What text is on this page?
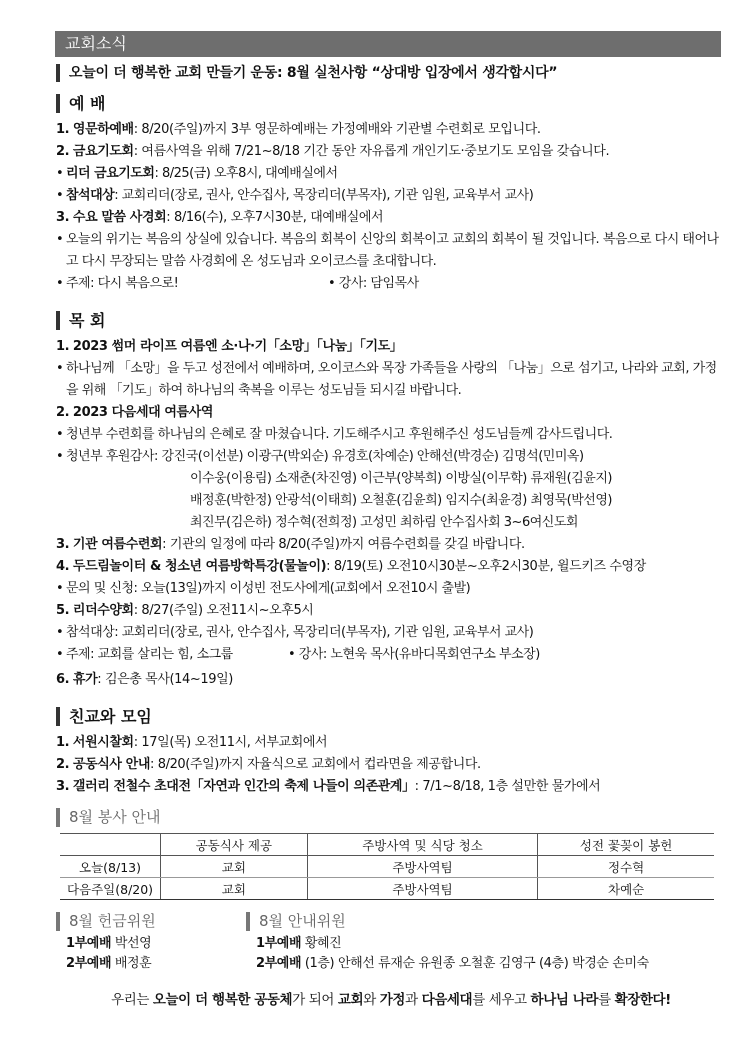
교회소식
오늘이 더 행복한 교회 만들기 운동: 8월 실천사항 “상대방 입장에서 생각합시다”
예 배
1. 영문하예배: 8/20(주일)까지 3부 영문하예배는 가정예배와 기관별 수련회로 모입니다.
2. 금요기도회: 여름사역을 위해 7/21~8/18 기간 동안 자유롭게 개인기도·중보기도 모임을 갖습니다.
• 리더 금요기도회: 8/25(금) 오후8시, 대예배실에서
• 참석대상: 교회리더(장로, 권사, 안수집사, 목장리더(부목자), 기관 임원, 교육부서 교사)
3. 수요 말씀 사경회: 8/16(수), 오후7시30분, 대예배실에서
• 오늘의 위기는 복음의 상실에 있습니다. 복음의 회복이 신앙의 회복이고 교회의 회복이 될 것입니다. 복음으로 다시 태어나고 다시 무장되는 말씀 사경회에 온 성도님과 오이코스를 초대합니다.
• 주제: 다시 복음으로!	• 강사: 담임목사
목 회
1. 2023 썸머 라이프 여름엔 소·나·기「소망」「나눔」「기도」
• 하나님께 「소망」을 두고 성전에서 예배하며, 오이코스와 목장 가족들을 사랑의 「나눔」으로 섬기고, 나라와 교회, 가정을 위해 「기도」하여 하나님의 축복을 이루는 성도님들 되시길 바랍니다.
2. 2023 다음세대 여름사역
• 청년부 수련회를 하나님의 은혜로 잘 마쳤습니다. 기도해주시고 후원해주신 성도님들께 감사드립니다.
• 청년부 후원감사: 강진국(이선분) 이광구(박외순) 유경호(차예순) 안해선(박경순) 김명석(민미옥)
이수웅(이용림) 소재춘(차진영) 이근부(양복희) 이방실(이무학) 류재원(김윤지)
배정훈(박한정) 안광석(이태희) 오철훈(김윤희) 임지수(최윤경) 최영묵(박선영)
최진무(김은하) 정수혁(전희정) 고성민 최하림 안수집사회 3~6여신도회
3. 기관 여름수련회: 기관의 일정에 따라 8/20(주일)까지 여름수련회를 갖길 바랍니다.
4. 두드림놀이터 & 청소년 여름방학특강(물놀이): 8/19(토) 오전10시30분~오후2시30분, 윌드키즈 수영장
• 문의 및 신청: 오늘(13일)까지 이성빈 전도사에게(교회에서 오전10시 출발)
5. 리더수양회: 8/27(주일) 오전11시~오후5시
• 참석대상: 교회리더(장로, 권사, 안수집사, 목장리더(부목자), 기관 임원, 교육부서 교사)
• 주제: 교회를 살리는 힘, 소그룹	• 강사: 노현욱 목사(유바디목회연구소 부소장)
6. 휴가: 김은총 목사(14~19일)
친교와 모임
1. 서원시찰회: 17일(목) 오전11시, 서부교회에서
2. 공동식사 안내: 8/20(주일)까지 자율식으로 교회에서 컵라면을 제공합니다.
3. 갤러리 전철수 초대전「자연과 인간의 축제 나들이 의존관계」: 7/1~8/18, 1층 설만한 물가에서
8월 봉사 안내
	공동식사 제공	주방사역 및 식당 청소	성전 꽃꽂이 봉헌
오늘(8/13)	교회	주방사역팀	정수혁
다음주일(8/20)	교회	주방사역팀	차예순
8월 헌금위원
1부예배 박선영
2부예배 배정훈
8월 안내위원
1부예배 황혜진
2부예배 (1층) 안해선 류재순 유원종 오철훈 김영구 (4층) 박경순 손미숙
우리는 오늘이 더 행복한 공동체가 되어 교회와 가정과 다음세대를 세우고 하나님 나라를 확장한다!
